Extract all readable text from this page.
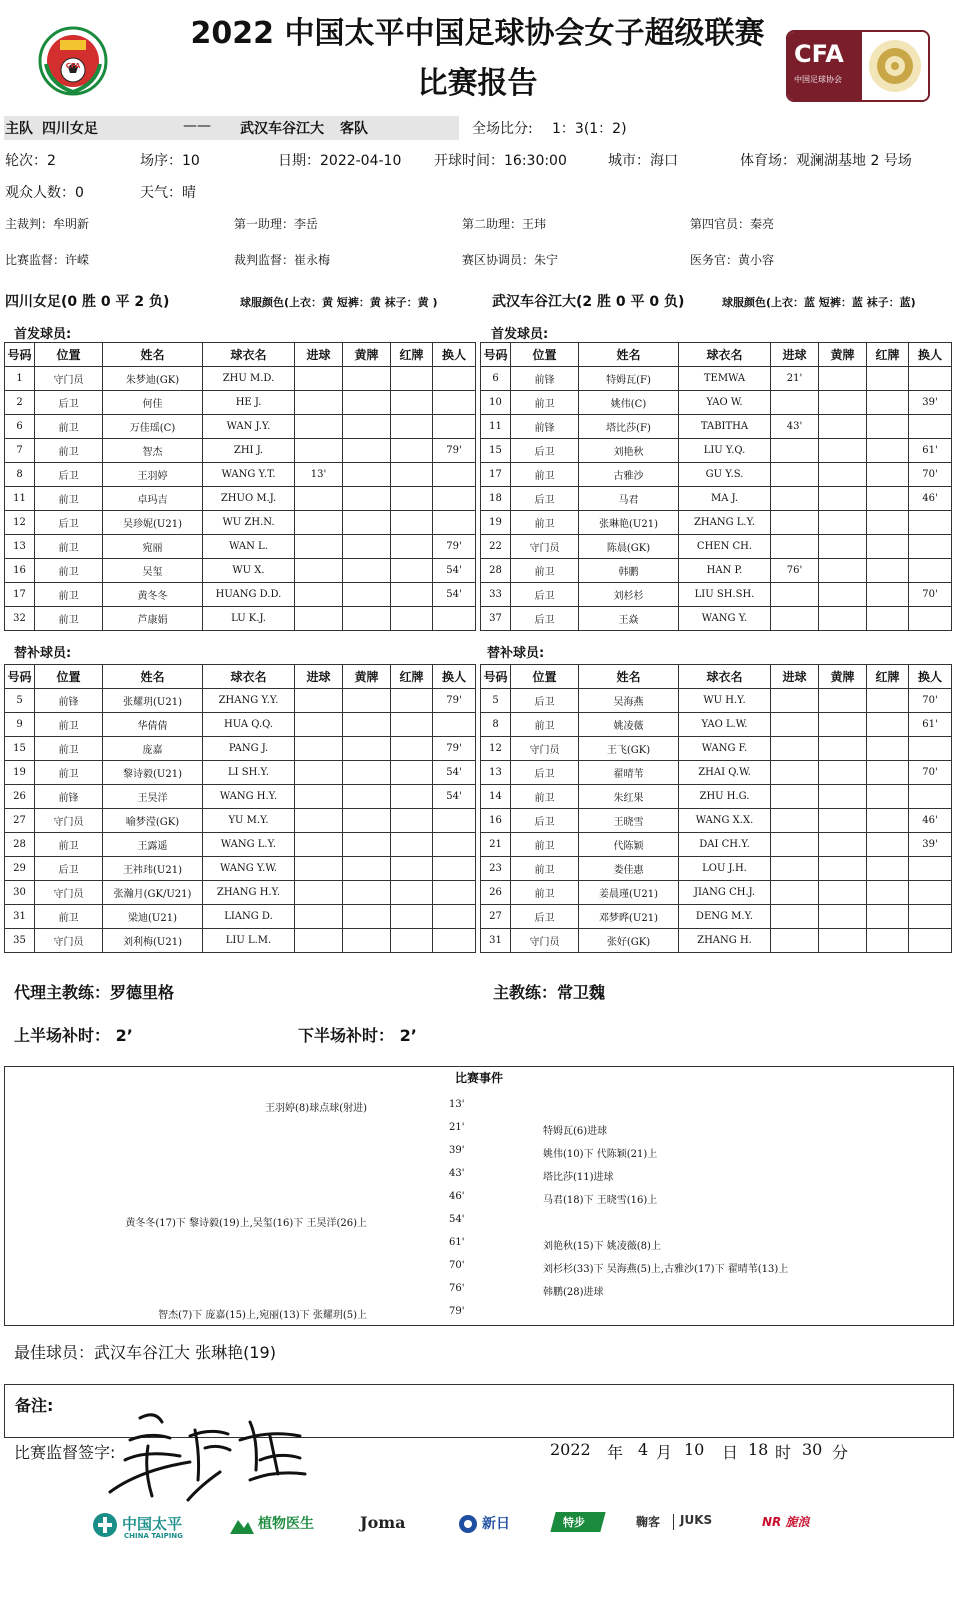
CFA
2022 中国太平中国足球协会女子超级联赛
比赛报告
CFA
中国足球协会
主队 四川女足	—— 武汉车谷江大 客队	全场比分: 1：3(1：2)
轮次：2	场序：10	日期：2022-04-10 开球时间：16:30:00	城市：海口	体育场：观澜湖基地 2 号场
观众人数：0	天气：晴
主裁判：牟明新	第一助理：李岳	第二助理：王玮	第四官员：秦亮
比赛监督：许嵘	裁判监督：崔永梅	赛区协调员：朱宁	医务官：黄小容
四川女足(0 胜 0 平 2 负)	球服颜色(上衣：黄 短裤：黄 袜子：黄 )	武汉车谷江大(2 胜 0 平 0 负)	球服颜色(上衣：蓝 短裤：蓝 袜子：蓝)
首发球员:	首发球员:
号码	位置	姓名	球衣名	进球	黄牌	红牌	换人
1	守门员	朱梦迪(GK)	ZHU M.D.				
2	后卫	何佳	HE J.				
6	前卫	万佳瑶(C)	WAN J.Y.				
7	前卫	智杰	ZHI J.				79'
8	后卫	王羽婷	WANG Y.T.	13'			
11	前卫	卓玛吉	ZHUO M.J.				
12	后卫	吴珍妮(U21)	WU ZH.N.				
13	前卫	宛丽	WAN L.				79'
16	前卫	吴玺	WU X.				54'
17	前卫	黄冬冬	HUANG D.D.				54'
32	前卫	芦康娟	LU K.J.				
号码	位置	姓名	球衣名	进球	黄牌	红牌	换人
6	前锋	特姆瓦(F)	TEMWA	21'			
10	前卫	姚伟(C)	YAO W.				39'
11	前锋	塔比莎(F)	TABITHA	43'			
15	后卫	刘艳秋	LIU Y.Q.				61'
17	前卫	古雅沙	GU Y.S.				70'
18	后卫	马君	MA J.				46'
19	前卫	张琳艳(U21)	ZHANG L.Y.				
22	守门员	陈晨(GK)	CHEN CH.				
28	前卫	韩鹏	HAN P.	76'			
33	后卫	刘杉杉	LIU SH.SH.				70'
37	后卫	王焱	WANG Y.				
替补球员:	替补球员:
号码	位置	姓名	球衣名	进球	黄牌	红牌	换人
5	前锋	张耀玥(U21)	ZHANG Y.Y.				79'
9	前卫	华倩倩	HUA Q.Q.				
15	前卫	庞嘉	PANG J.				79'
19	前卫	黎诗毅(U21)	LI SH.Y.				54'
26	前锋	王昊洋	WANG H.Y.				54'
27	守门员	喻梦滢(GK)	YU M.Y.				
28	前卫	王露遥	WANG L.Y.				
29	后卫	王祎玮(U21)	WANG Y.W.				
30	守门员	张瀚月(GK/U21)	ZHANG H.Y.				
31	前卫	梁迪(U21)	LIANG D.				
35	守门员	刘利梅(U21)	LIU L.M.				
号码	位置	姓名	球衣名	进球	黄牌	红牌	换人
5	后卫	吴海燕	WU H.Y.				70'
8	前卫	姚凌薇	YAO L.W.				61'
12	守门员	王飞(GK)	WANG F.				
13	后卫	翟晴苇	ZHAI Q.W.				70'
14	前卫	朱红果	ZHU H.G.				
16	后卫	王晓雪	WANG X.X.				46'
21	前卫	代陈颖	DAI CH.Y.				39'
23	前卫	娄佳惠	LOU J.H.				
26	前卫	姜晨瑾(U21)	JIANG CH.J.				
27	后卫	邓梦晔(U21)	DENG M.Y.				
31	守门员	张好(GK)	ZHANG H.				
代理主教练：罗德里格	主教练：常卫魏
上半场补时： 2’	下半场补时： 2’
比赛事件
王羽婷(8)球点球(射进)	13'
21'	特姆瓦(6)进球
39'	姚伟(10)下 代陈颖(21)上
43'	塔比莎(11)进球
46'	马君(18)下 王晓雪(16)上
黄冬冬(17)下 黎诗毅(19)上,吴玺(16)下 王昊洋(26)上	54'
61'	刘艳秋(15)下 姚凌薇(8)上
70'	刘杉杉(33)下 吴海燕(5)上,古雅沙(17)下 翟晴苇(13)上
76'	韩鹏(28)进球
智杰(7)下 庞嘉(15)上,宛丽(13)下 张耀玥(5)上	79'
最佳球员：武汉车谷江大 张琳艳(19)
备注:
比赛监督签字:	2022 年 4 月 10 日 18 时 30 分
中国太平
CHINA TAIPING
植物医生	Joma	新日	特步	鞠客 JUKS	NR 旎浪
